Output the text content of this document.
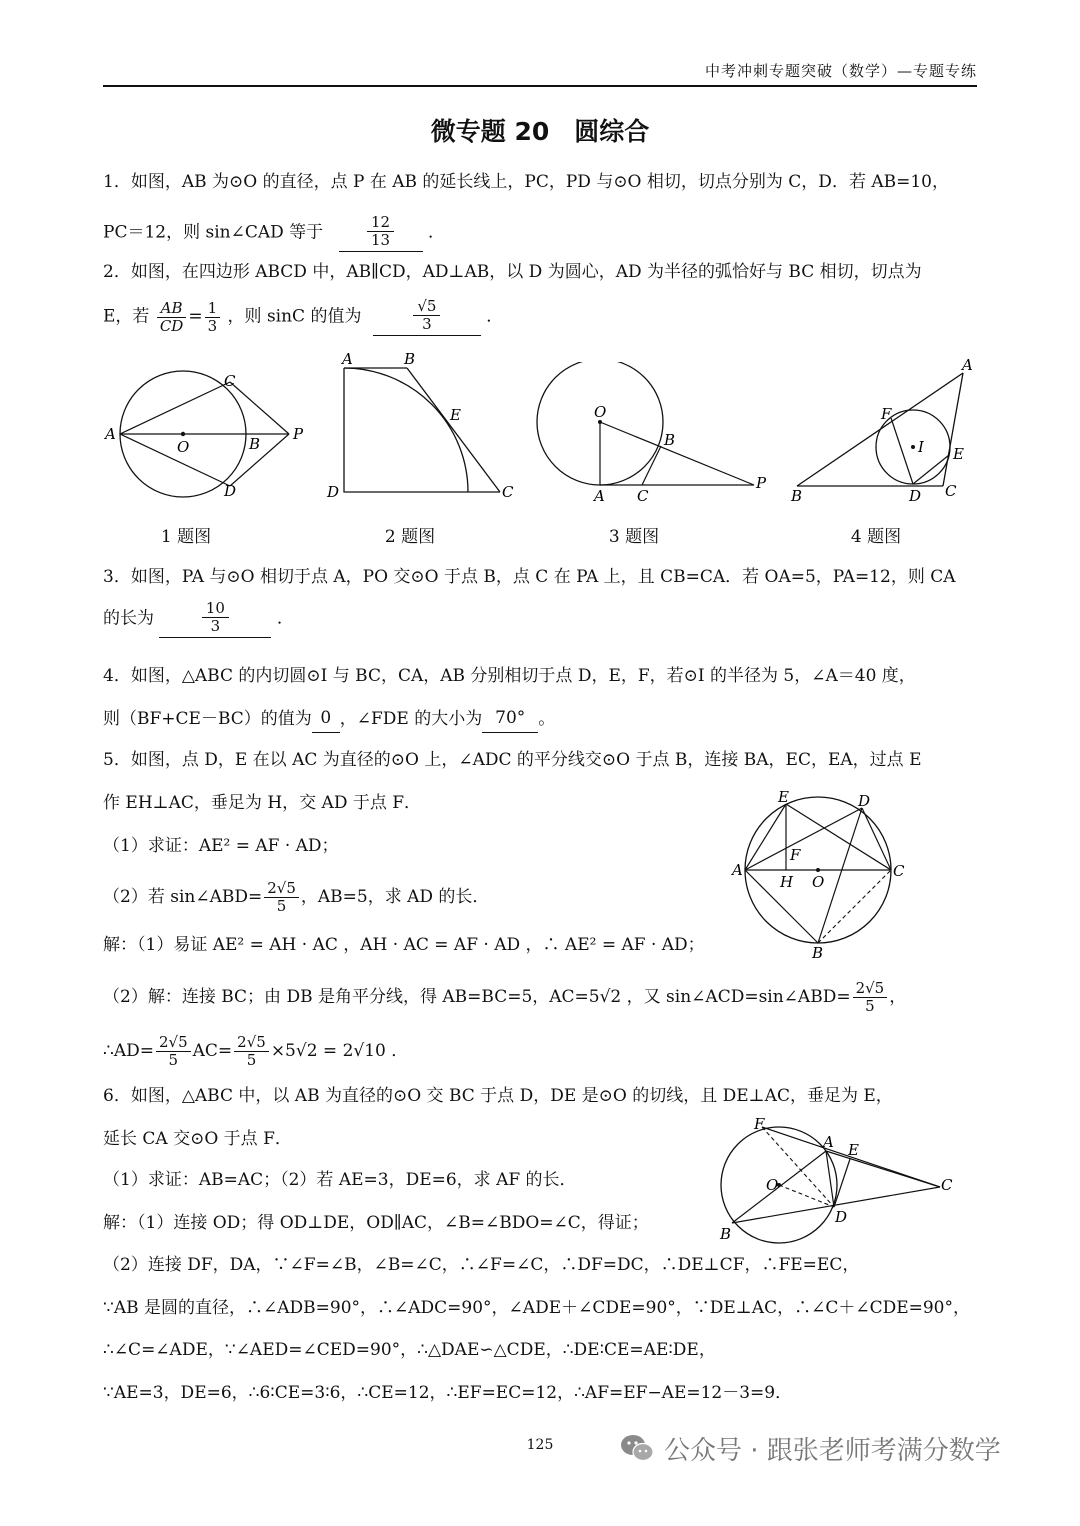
中考冲刺专题突破（数学）—专题专练
微专题 20　圆综合
1．如图，AB 为⊙O 的直径，点 P 在 AB 的延长线上，PC，PD 与⊙O 相切，切点分别为 C，D．若 AB=10，
PC＝12，则 sin∠CAD 等于	$\frac{12}{13}$ ．
2．如图，在四边形 ABCD 中，AB∥CD，AD⊥AB，以 D 为圆心，AD 为半径的弧恰好与 BC 相切，切点为
E，若 $\frac{AB}{CD} = \frac{1}{3}$ ，则 sinC 的值为	$\frac{√5}{3}$	．
A
O	B
P
C
D
A	B
E
D	C
O
B
A C
P
A
F
I E
B	D C
1 题图	2 题图	3 题图	4 题图
3．如图，PA 与⊙O 相切于点 A，PO 交⊙O 于点 B，点 C 在 PA 上，且 CB=CA．若 OA=5，PA=12，则 CA
的长为	$\frac{10}{3}$	．
4．如图，△ABC 的内切圆⊙I 与 BC，CA，AB 分别相切于点 D，E，F，若⊙I 的半径为 5，∠A＝40 度，
则（BF+CE－BC）的值为 0 ，∠FDE 的大小为 70° 。
5．如图，点 D，E 在以 AC 为直径的⊙O 上，∠ADC 的平分线交⊙O 于点 B，连接 BA，EC，EA，过点 E
作 EH⊥AC，垂足为 H，交 AD 于点 F．
（1）求证：AE² = AF · AD；
（2）若 sin∠ABD= $\frac{2√5}{5}$ ，AB=5，求 AD 的长．
解：（1）易证 AE² = AH · AC ，AH · AC = AF · AD ，∴ AE² = AF · AD；
（2）解：连接 BC；由 DB 是角平分线，得 AB=BC=5，AC=5√2 ，又 sin∠ACD=sin∠ABD= $\frac{2√5}{5}$ ，
∴AD= $\frac{2√5}{5} AC= \frac{2√5}{5} \times 5√2 = 2√10$ ．
E	D
F
A
H O
C
B
6．如图，△ABC 中，以 AB 为直径的⊙O 交 BC 于点 D，DE 是⊙O 的切线，且 DE⊥AC，垂足为 E，
延长 CA 交⊙O 于点 F．
（1）求证：AB=AC；（2）若 AE=3，DE=6，求 AF 的长．
解：（1）连接 OD；得 OD⊥DE，OD∥AC，∠B=∠BDO=∠C，得证；
（2）连接 DF，DA，∵∠F=∠B，∠B=∠C，∴∠F=∠C，∴DF=DC，∴DE⊥CF，∴FE=EC，
∵AB 是圆的直径，∴∠ADB=90°，∴∠ADC=90°，∠ADE＋∠CDE=90°，∵DE⊥AC，∴∠C＋∠CDE=90°，
∴∠C=∠ADE，∵∠AED=∠CED=90°，∴△DAE∽△CDE，∴DE∶CE=AE∶DE，
∵AE=3，DE=6，∴6∶CE=3∶6，∴CE=12，∴EF=EC=12，∴AF=EF−AE=12－3=9．
F
A E
O	C
B
D
125	公众号 · 跟张老师考满分数学
